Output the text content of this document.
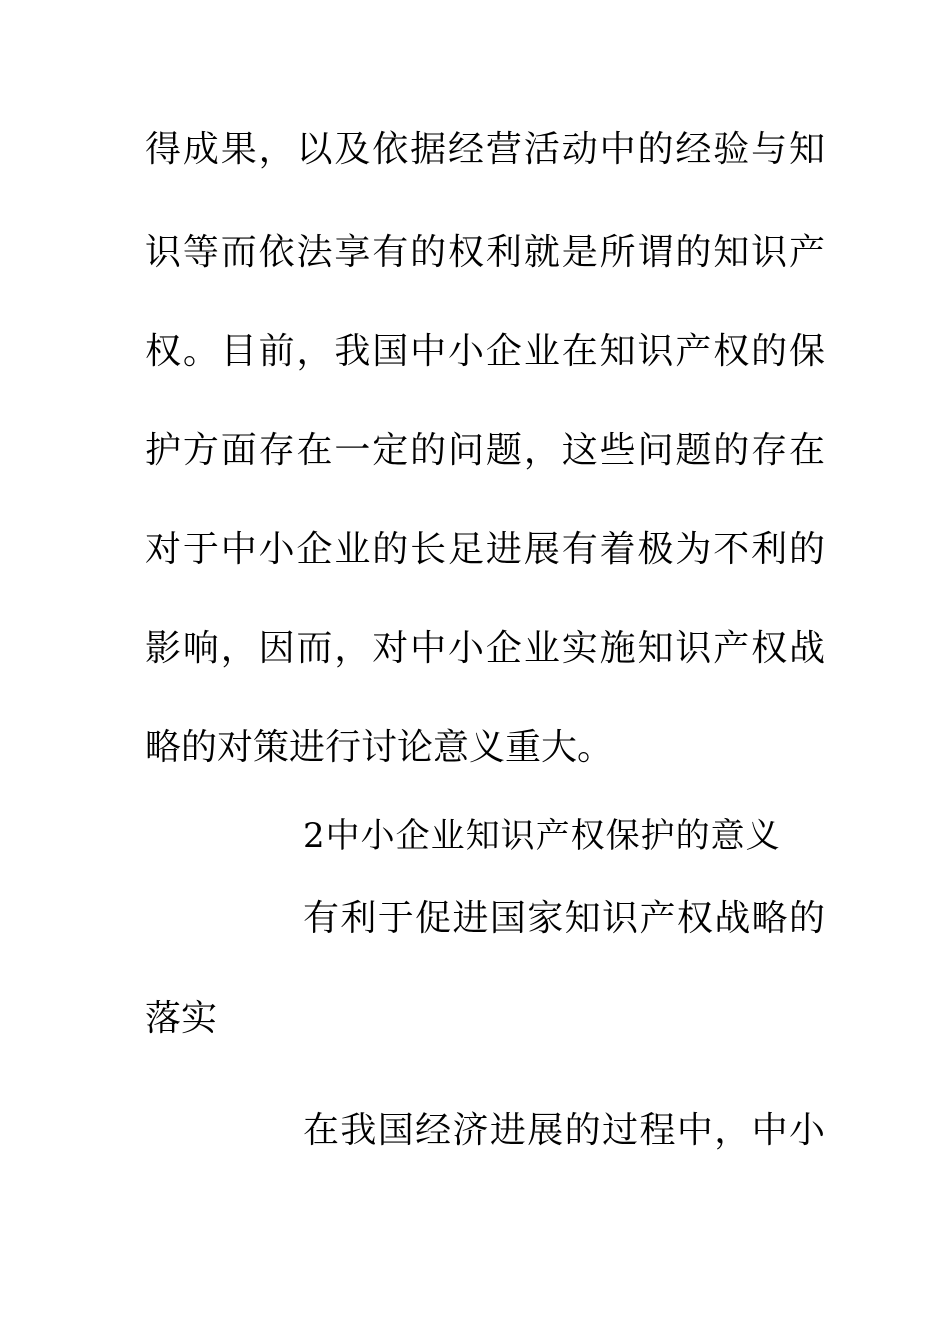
得成果，以及依据经营活动中的经验与知
识等而依法享有的权利就是所谓的知识产
权。目前，我国中小企业在知识产权的保
护方面存在一定的问题，这些问题的存在
对于中小企业的长足进展有着极为不利的
影响，因而，对中小企业实施知识产权战
略的对策进行讨论意义重大。
2中小企业知识产权保护的意义
有利于促进国家知识产权战略的
落实
在我国经济进展的过程中，中小
